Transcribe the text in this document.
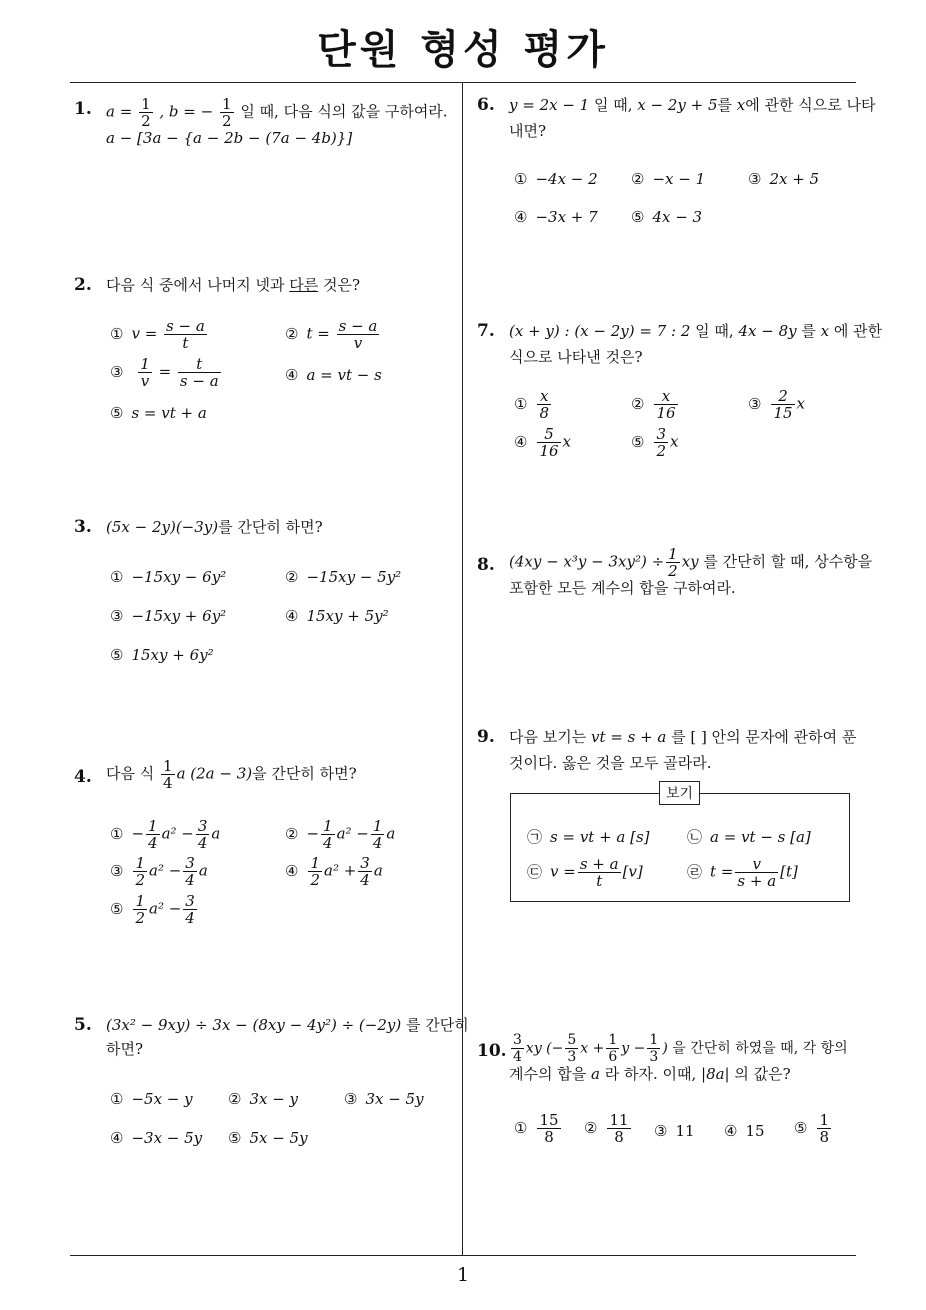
단원 형성 평가
1
1. $a = \frac{1}{2}$ , b = − $\frac{1}{2}$ 일 때, 다음 식의 값을 구하여라.
a − [3a − {a − 2b − (7a − 4b)}]
2. 다음 식 중에서 나머지 넷과 다른 것은?
① $v = \frac{s - a}{t}$	② $t = \frac{s - a}{v}$
③ $\frac{1}{v} = \frac{t}{s - a}$	④ a = vt − s
⑤ s = vt + a
3. (5x − 2y)(−3y)를 간단히 하면?
① −15xy − 6y²	② −15xy − 5y²
③ −15xy + 6y²	④ 15xy + 5y²
⑤ 15xy + 6y²
4. 다음 식 $\frac{1}{4}$ a (2a − 3)을 간단히 하면?
① − $\frac{1}{4} a^2 - \frac{3}{4}$ a	② − $\frac{1}{4} a^2 - \frac{1}{4}$ a
③ $\frac{1}{2} a^2 - \frac{3}{4}$ a	④ $\frac{1}{2} a^2 + \frac{3}{4}$ a
⑤ $\frac{1}{2} a^2 - \frac{3}{4}$
5. (3x² − 9xy) ÷ 3x − (8xy − 4y²) ÷ (−2y) 를 간단히
하면?
① −5x − y ② 3x − y	③ 3x − 5y
④ −3x − 5y ⑤ 5x − 5y
6. y = 2x − 1 일 때, x − 2y + 5를 x에 관한 식으로 나타
내면?
① −4x − 2 ② −x − 1	③ 2x + 5
④ −3x + 7 ⑤ 4x − 3
7. (x + y) : (x − 2y) = 7 : 2 일 때, 4x − 8y 를 x 에 관한
식으로 나타낸 것은?
① $\frac{x}{8}$	② $\frac{x}{16}$	③ $\frac{2}{15}$ x
④ $\frac{5}{16}$ x	⑤ $\frac{3}{2}$ x
8. $(4xy - x^3y - 3xy^2) \div \frac{1}{2}$ xy 를 간단히 할 때, 상수항을
포함한 모든 계수의 합을 구하여라.
9. 다음 보기는 vt = s + a 를 [ ] 안의 문자에 관하여 푼
것이다. 옳은 것을 모두 골라라.
보기
㉠ s = vt + a [s] ㉡ a = vt − s [a]
㉢ $v = \frac{s + a}{t} [v]$	㉣ $t = \frac{v}{s + a} [t]$
10. $\frac{3}{4}$ xy (− $\frac{5}{3}$ $x + \frac{1}{6}$ $y - \frac{1}{3}$ ) 을 간단히 하였을 때, 각 항의
계수의 합을 a 라 하자. 이때, |8a| 의 값은?
① $\frac{15}{8}$ ② $\frac{11}{8}$ ③ 11 ④ 15 ⑤ $\frac{1}{8}$
